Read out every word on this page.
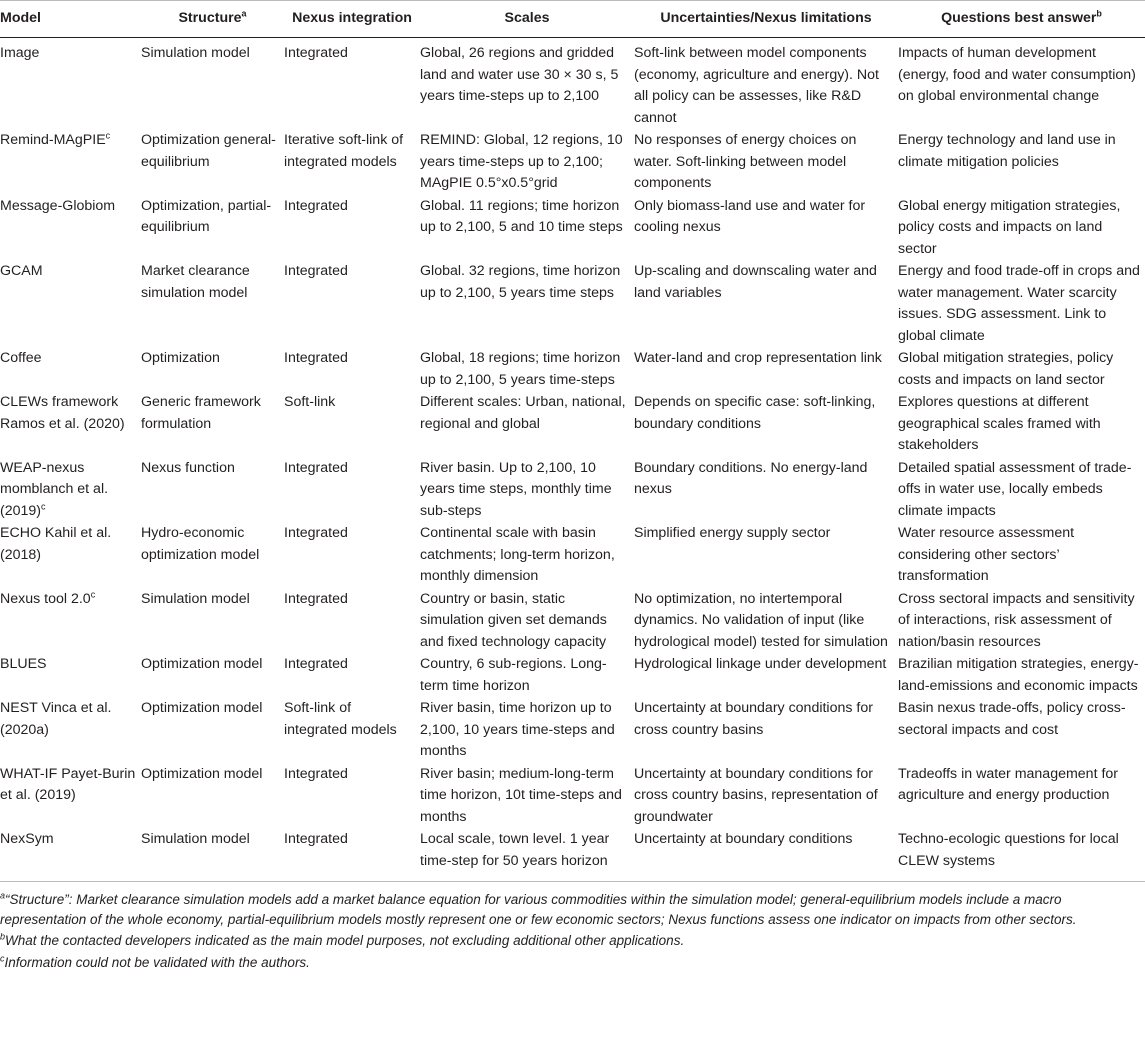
Model	Structure$^a$	Nexus integration	Scales	Uncertainties/Nexus limitations	Questions best answer$^b$
Image	Simulation model	Integrated	Global, 26 regions and gridded land and water use 30 × 30 s, 5 years time-steps up to 2,100	Soft-link between model components (economy, agriculture and energy). Not all policy can be assesses, like R&D cannot	Impacts of human development (energy, food and water consumption) on global environmental change
Remind-MAgPIE$^c$	Optimization general-equilibrium	Iterative soft-link of integrated models	REMIND: Global, 12 regions, 10 years time-steps up to 2,100; MAgPIE 0.5°x0.5°grid	No responses of energy choices on water. Soft-linking between model components	Energy technology and land use in climate mitigation policies
Message-Globiom	Optimization, partial-equilibrium	Integrated	Global. 11 regions; time horizon up to 2,100, 5 and 10 time steps	Only biomass-land use and water for cooling nexus	Global energy mitigation strategies, policy costs and impacts on land sector
GCAM	Market clearance simulation model	Integrated	Global. 32 regions, time horizon up to 2,100, 5 years time steps	Up-scaling and downscaling water and land variables	Energy and food trade-off in crops and water management. Water scarcity issues. SDG assessment. Link to global climate
Coffee	Optimization	Integrated	Global, 18 regions; time horizon up to 2,100, 5 years time-steps	Water-land and crop representation link	Global mitigation strategies, policy costs and impacts on land sector
CLEWs framework Ramos et al. (2020)	Generic framework formulation	Soft-link	Different scales: Urban, national, regional and global	Depends on specific case: soft-linking, boundary conditions	Explores questions at different geographical scales framed with stakeholders
WEAP-nexus momblanch et al. $(2019)^c$	Nexus function	Integrated	River basin. Up to 2,100, 10 years time steps, monthly time sub-steps	Boundary conditions. No energy-land nexus	Detailed spatial assessment of trade-offs in water use, locally embeds climate impacts
ECHO Kahil et al. (2018)	Hydro-economic optimization model	Integrated	Continental scale with basin catchments; long-term horizon, monthly dimension	Simplified energy supply sector	Water resource assessment considering other sectors’ transformation
Nexus tool 2.0$^c$	Simulation model	Integrated	Country or basin, static simulation given set demands and fixed technology capacity	No optimization, no intertemporal dynamics. No validation of input (like hydrological model) tested for simulation	Cross sectoral impacts and sensitivity of interactions, risk assessment of nation/basin resources
BLUES	Optimization model	Integrated	Country, 6 sub-regions. Long-term time horizon	Hydrological linkage under development	Brazilian mitigation strategies, energy-land-emissions and economic impacts
NEST Vinca et al. (2020a)	Optimization model	Soft-link of integrated models	River basin, time horizon up to 2,100, 10 years time-steps and months	Uncertainty at boundary conditions for cross country basins	Basin nexus trade-offs, policy cross-sectoral impacts and cost
WHAT-IF Payet-Burin et al. (2019)	Optimization model	Integrated	River basin; medium-long-term time horizon, 10t time-steps and months	Uncertainty at boundary conditions for cross country basins, representation of groundwater	Tradeoffs in water management for agriculture and energy production
NexSym	Simulation model	Integrated	Local scale, town level. 1 year time-step for 50 years horizon	Uncertainty at boundary conditions	Techno-ecologic questions for local CLEW systems
$^a$“Structure”: Market clearance simulation models add a market balance equation for various commodities within the simulation model; general-equilibrium models include a macro representation of the whole economy, partial-equilibrium models mostly represent one or few economic sectors; Nexus functions assess one indicator on impacts from other sectors.
$^b$What the contacted developers indicated as the main model purposes, not excluding additional other applications.
$^c$Information could not be validated with the authors.
